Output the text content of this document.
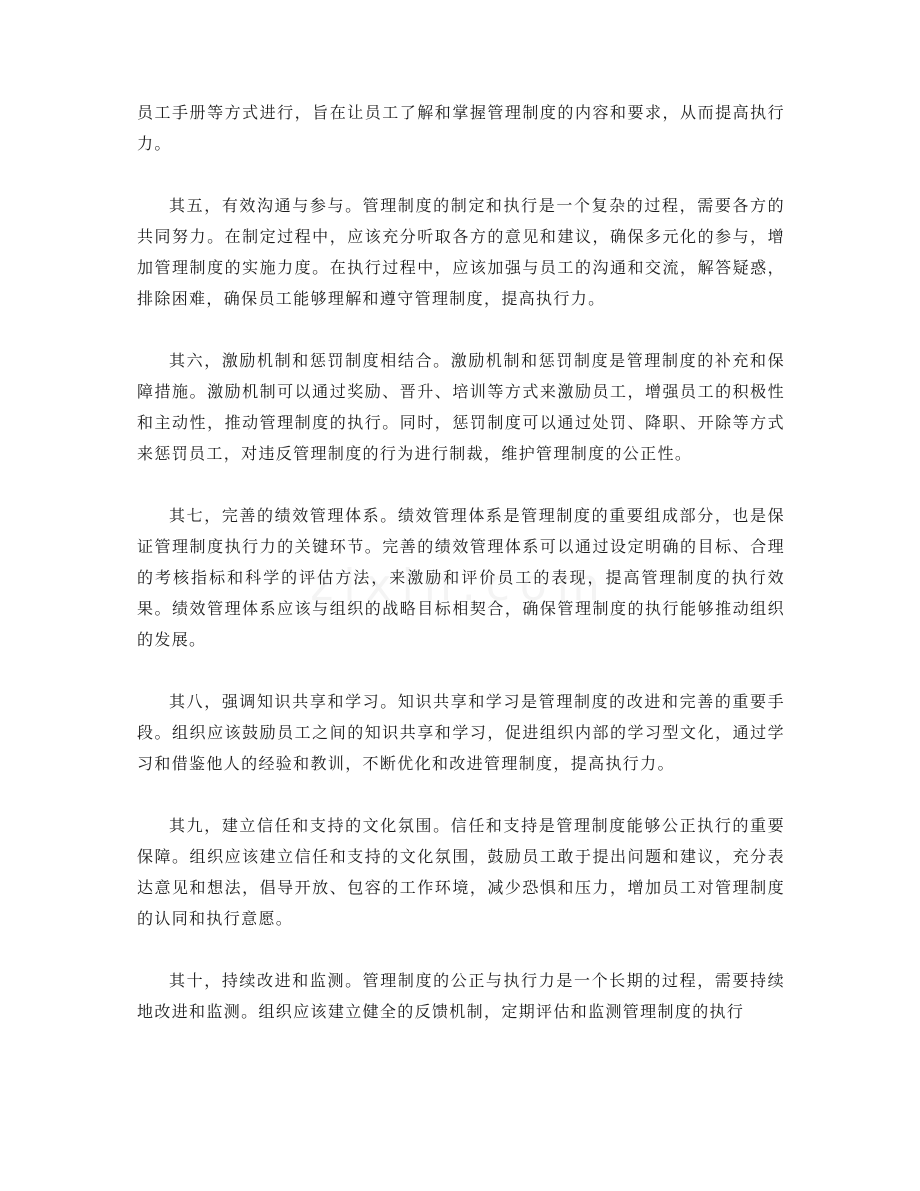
员工手册等方式进行，旨在让员工了解和掌握管理制度的内容和要求，从而提高执行力。

其五，有效沟通与参与。管理制度的制定和执行是一个复杂的过程，需要各方的共同努力。在制定过程中，应该充分听取各方的意见和建议，确保多元化的参与，增加管理制度的实施力度。在执行过程中，应该加强与员工的沟通和交流，解答疑惑，排除困难，确保员工能够理解和遵守管理制度，提高执行力。

其六，激励机制和惩罚制度相结合。激励机制和惩罚制度是管理制度的补充和保障措施。激励机制可以通过奖励、晋升、培训等方式来激励员工，增强员工的积极性和主动性，推动管理制度的执行。同时，惩罚制度可以通过处罚、降职、开除等方式来惩罚员工，对违反管理制度的行为进行制裁，维护管理制度的公正性。

其七，完善的绩效管理体系。绩效管理体系是管理制度的重要组成部分，也是保证管理制度执行力的关键环节。完善的绩效管理体系可以通过设定明确的目标、合理的考核指标和科学的评估方法，来激励和评价员工的表现，提高管理制度的执行效果。绩效管理体系应该与组织的战略目标相契合，确保管理制度的执行能够推动组织的发展。

其八，强调知识共享和学习。知识共享和学习是管理制度的改进和完善的重要手段。组织应该鼓励员工之间的知识共享和学习，促进组织内部的学习型文化，通过学习和借鉴他人的经验和教训，不断优化和改进管理制度，提高执行力。

其九，建立信任和支持的文化氛围。信任和支持是管理制度能够公正执行的重要保障。组织应该建立信任和支持的文化氛围，鼓励员工敢于提出问题和建议，充分表达意见和想法，倡导开放、包容的工作环境，减少恐惧和压力，增加员工对管理制度的认同和执行意愿。

其十，持续改进和监测。管理制度的公正与执行力是一个长期的过程，需要持续地改进和监测。组织应该建立健全的反馈机制，定期评估和监测管理制度的执行
